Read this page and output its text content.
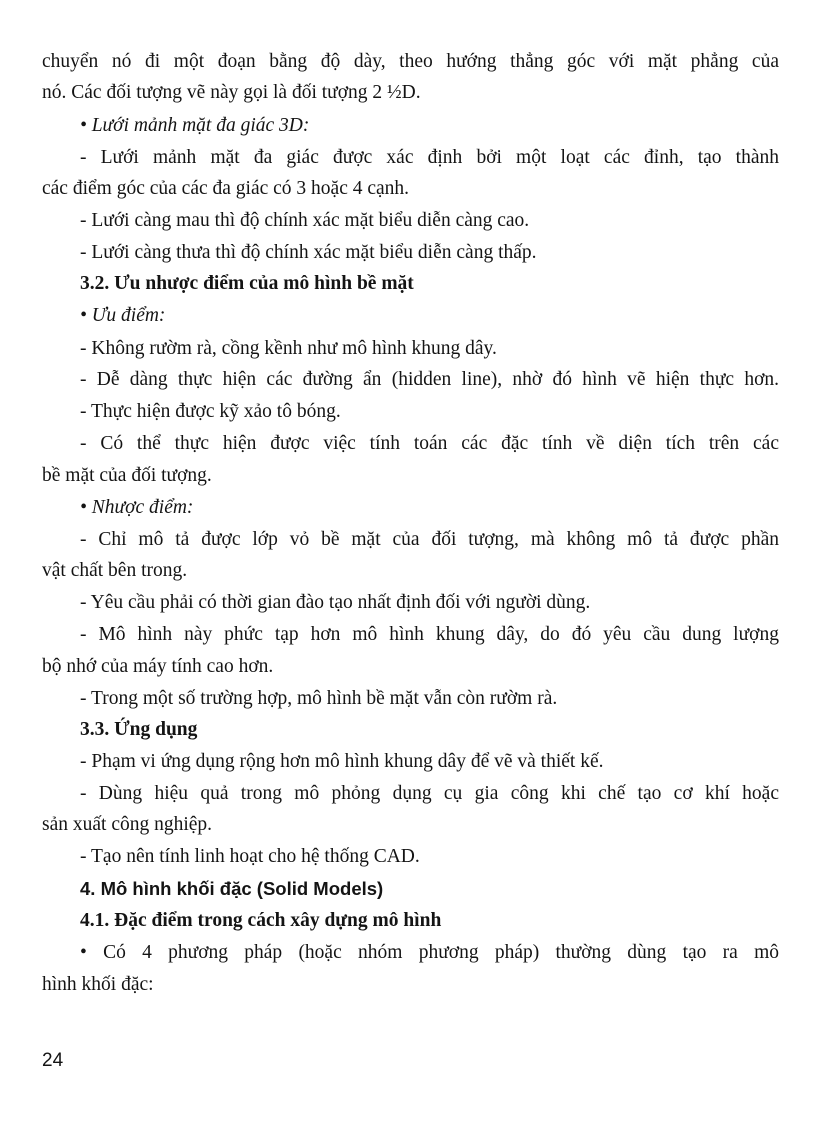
chuyển nó đi một đoạn bằng độ dày, theo hướng thẳng góc với mặt phẳng của
nó. Các đối tượng vẽ này gọi là đối tượng 2 ½D.
• Lưới mảnh mặt đa giác 3D:
- Lưới mảnh mặt đa giác được xác định bởi một loạt các đỉnh, tạo thành
các điểm góc của các đa giác có 3 hoặc 4 cạnh.
- Lưới càng mau thì độ chính xác mặt biểu diễn càng cao.
- Lưới càng thưa thì độ chính xác mặt biểu diễn càng thấp.
3.2. Ưu nhược điểm của mô hình bề mặt
• Ưu điểm:
- Không rườm rà, cồng kềnh như mô hình khung dây.
- Dễ dàng thực hiện các đường ẩn (hidden line), nhờ đó hình vẽ hiện thực hơn.
- Thực hiện được kỹ xảo tô bóng.
- Có thể thực hiện được việc tính toán các đặc tính về diện tích trên các
bề mặt của đối tượng.
• Nhược điểm:
- Chỉ mô tả được lớp vỏ bề mặt của đối tượng, mà không mô tả được phần
vật chất bên trong.
- Yêu cầu phải có thời gian đào tạo nhất định đối với người dùng.
- Mô hình này phức tạp hơn mô hình khung dây, do đó yêu cầu dung lượng
bộ nhớ của máy tính cao hơn.
- Trong một số trường hợp, mô hình bề mặt vẫn còn rườm rà.
3.3. Ứng dụng
- Phạm vi ứng dụng rộng hơn mô hình khung dây để vẽ và thiết kế.
- Dùng hiệu quả trong mô phỏng dụng cụ gia công khi chế tạo cơ khí hoặc
sản xuất công nghiệp.
- Tạo nên tính linh hoạt cho hệ thống CAD.
4. Mô hình khối đặc (Solid Models)
4.1. Đặc điểm trong cách xây dựng mô hình
• Có 4 phương pháp (hoặc nhóm phương pháp) thường dùng tạo ra mô
hình khối đặc:
24
